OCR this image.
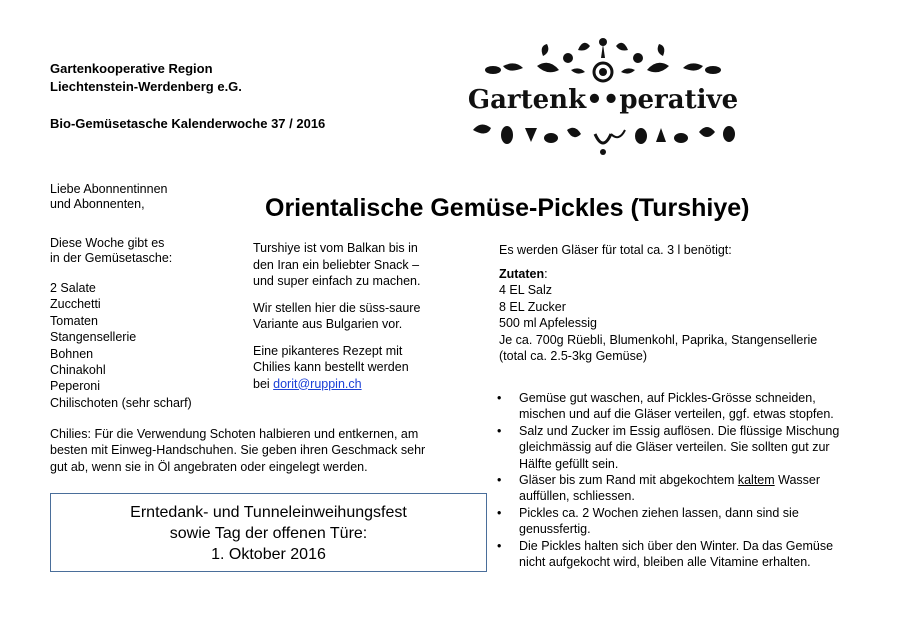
Gartenkooperative Region
Liechtenstein-Werdenberg e.G.
Bio-Gemüsetasche Kalenderwoche 37 / 2016
Gartenk••perative
Liebe Abonnentinnen
und Abonnenten,	Orientalische Gemüse-Pickles (Turshiye)
Diese Woche gibt es
in der Gemüsetasche:
2 Salate
Zucchetti
Tomaten
Stangensellerie
Bohnen
Chinakohl
Peperoni
Chilischoten (sehr scharf)

Turshiye ist vom Balkan bis in
den Iran ein beliebter Snack –
und super einfach zu machen.

Wir stellen hier die süss-saure
Variante aus Bulgarien vor.

Eine pikanteres Rezept mit
Chilies kann bestellt werden
bei dorit@ruppin.ch

Es werden Gläser für total ca. 3 l benötigt:
Zutaten:
4 EL Salz
8 EL Zucker
500 ml Apfelessig
Je ca. 700g Rüebli, Blumenkohl, Paprika, Stangensellerie
(total ca. 2.5-3kg Gemüse)
• Gemüse gut waschen, auf Pickles-Grösse schneiden,
mischen und auf die Gläser verteilen, ggf. etwas stopfen.
• Salz und Zucker im Essig auflösen. Die flüssige Mischung
gleichmässig auf die Gläser verteilen. Sie sollten gut zur
Hälfte gefüllt sein.
• Gläser bis zum Rand mit abgekochtem kaltem Wasser
auffüllen, schliessen.
• Pickles ca. 2 Wochen ziehen lassen, dann sind sie
genussfertig.
• Die Pickles halten sich über den Winter. Da das Gemüse
nicht aufgekocht wird, bleiben alle Vitamine erhalten.
Chilies: Für die Verwendung Schoten halbieren und entkernen, am
besten mit Einweg-Handschuhen. Sie geben ihren Geschmack sehr
gut ab, wenn sie in Öl angebraten oder eingelegt werden.
Erntedank- und Tunneleinweihungsfest
sowie Tag der offenen Türe:
1. Oktober 2016
